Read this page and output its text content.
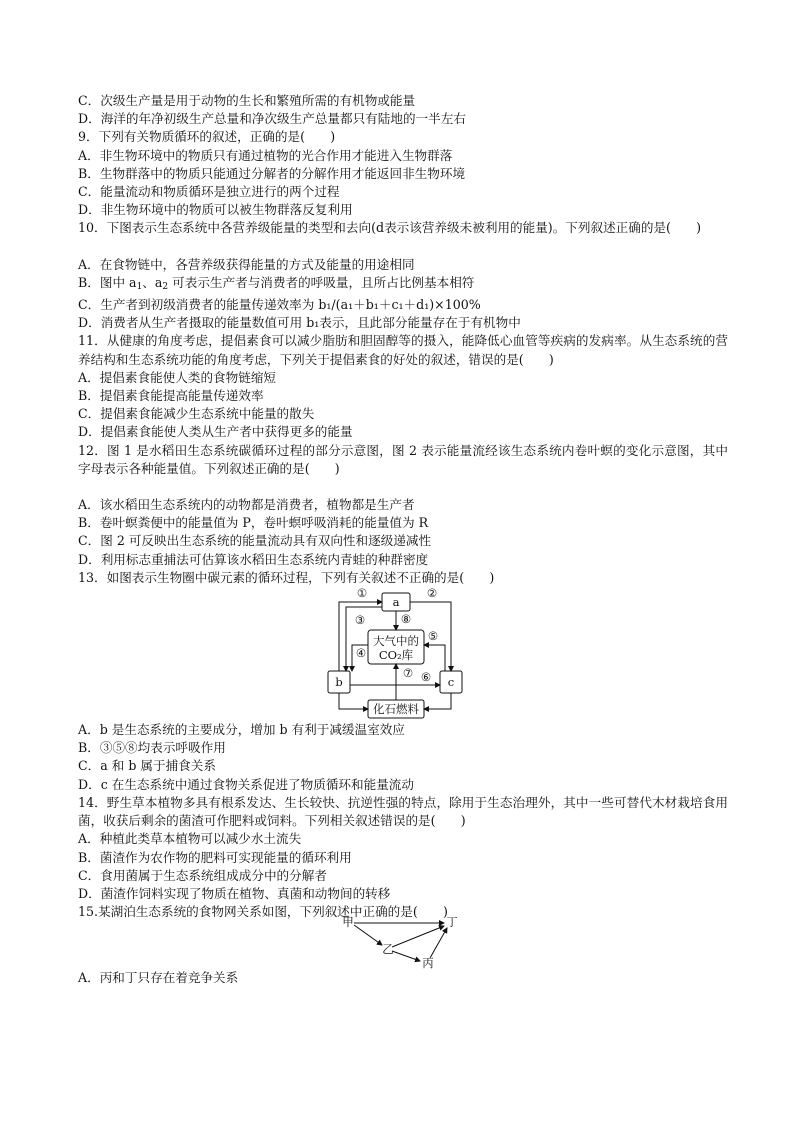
C．次级生产量是用于动物的生长和繁殖所需的有机物或能量
D．海洋的年净初级生产总量和净次级生产总量都只有陆地的一半左右
9．下列有关物质循环的叙述，正确的是(　　)
A．非生物环境中的物质只有通过植物的光合作用才能进入生物群落
B．生物群落中的物质只能通过分解者的分解作用才能返回非生物环境
C．能量流动和物质循环是独立进行的两个过程
D．非生物环境中的物质可以被生物群落反复利用
10．下图表示生态系统中各营养级能量的类型和去向(d表示该营养级未被利用的能量)。下列叙述正确的是(　　)
A．在食物链中，各营养级获得能量的方式及能量的用途相同
B．图中 $a_1$、$a_2$ 可表示生产者与消费者的呼吸量，且所占比例基本相符
C．生产者到初级消费者的能量传递效率为 b₁/(a₁＋b₁＋c₁＋d₁)×100%
D．消费者从生产者摄取的能量数值可用 b₁表示，且此部分能量存在于有机物中
11．从健康的角度考虑，提倡素食可以减少脂肪和胆固醇等的摄入，能降低心血管等疾病的发病率。从生态系统的营养结构和生态系统功能的角度考虑，下列关于提倡素食的好处的叙述，错误的是(　　)
A．提倡素食能使人类的食物链缩短
B．提倡素食能提高能量传递效率
C．提倡素食能减少生态系统中能量的散失
D．提倡素食能使人类从生产者中获得更多的能量
12．图 1 是水稻田生态系统碳循环过程的部分示意图，图 2 表示能量流经该生态系统内卷叶螟的变化示意图，其中字母表示各种能量值。下列叙述正确的是(　　)
A．该水稻田生态系统内的动物都是消费者，植物都是生产者
B．卷叶螟粪便中的能量值为 P，卷叶螟呼吸消耗的能量值为 R
C．图 2 可反映出生态系统的能量流动具有双向性和逐级递减性
D．利用标志重捕法可估算该水稻田生态系统内青蛙的种群密度
13．如图表示生物圈中碳元素的循环过程，下列有关叙述不正确的是(　　)
a
大气中的
CO₂库
b	c
化石燃料
①	②
③
④
⑤
⑥
⑦
⑧
A．b 是生态系统的主要成分，增加 b 有利于减缓温室效应
B．③⑤⑧均表示呼吸作用
C．a 和 b 属于捕食关系
D．c 在生态系统中通过食物关系促进了物质循环和能量流动
14．野生草本植物多具有根系发达、生长较快、抗逆性强的特点，除用于生态治理外，其中一些可替代木材栽培食用菌，收获后剩余的菌渣可作肥料或饲料。下列相关叙述错误的是(　　)
A．种植此类草本植物可以减少水土流失
B．菌渣作为农作物的肥料可实现能量的循环利用
C．食用菌属于生态系统组成成分中的分解者
D．菌渣作饲料实现了物质在植物、真菌和动物间的转移
15.某湖泊生态系统的食物网关系如图，下列叙述中正确的是(　　)
甲	丁
乙
丙
A．丙和丁只存在着竞争关系
